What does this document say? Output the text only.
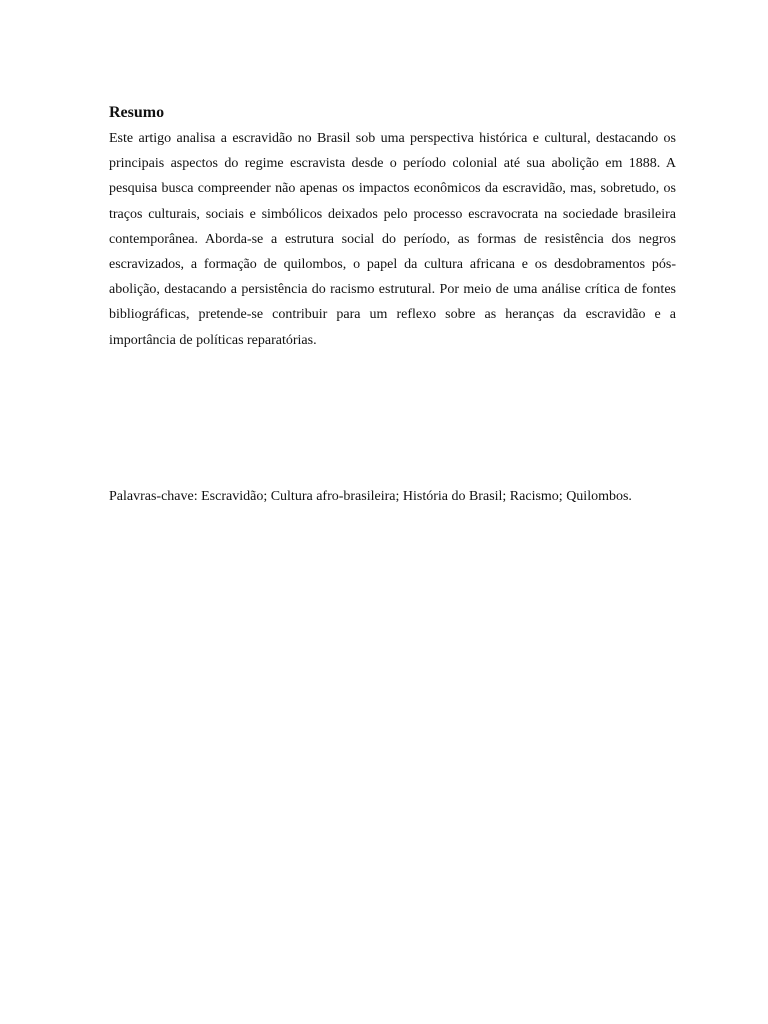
Resumo

Este artigo analisa a escravidão no Brasil sob uma perspectiva histórica e cultural, destacando os principais aspectos do regime escravista desde o período colonial até sua abolição em 1888. A pesquisa busca compreender não apenas os impactos econômicos da escravidão, mas, sobretudo, os traços culturais, sociais e simbólicos deixados pelo processo escravocrata na sociedade brasileira contemporânea. Aborda-se a estrutura social do período, as formas de resistência dos negros escravizados, a formação de quilombos, o papel da cultura africana e os desdobramentos pós-abolição, destacando a persistência do racismo estrutural. Por meio de uma análise crítica de fontes bibliográficas, pretende-se contribuir para um reflexo sobre as heranças da escravidão e a importância de políticas reparatórias.

Palavras-chave: Escravidão; Cultura afro-brasileira; História do Brasil; Racismo; Quilombos.
